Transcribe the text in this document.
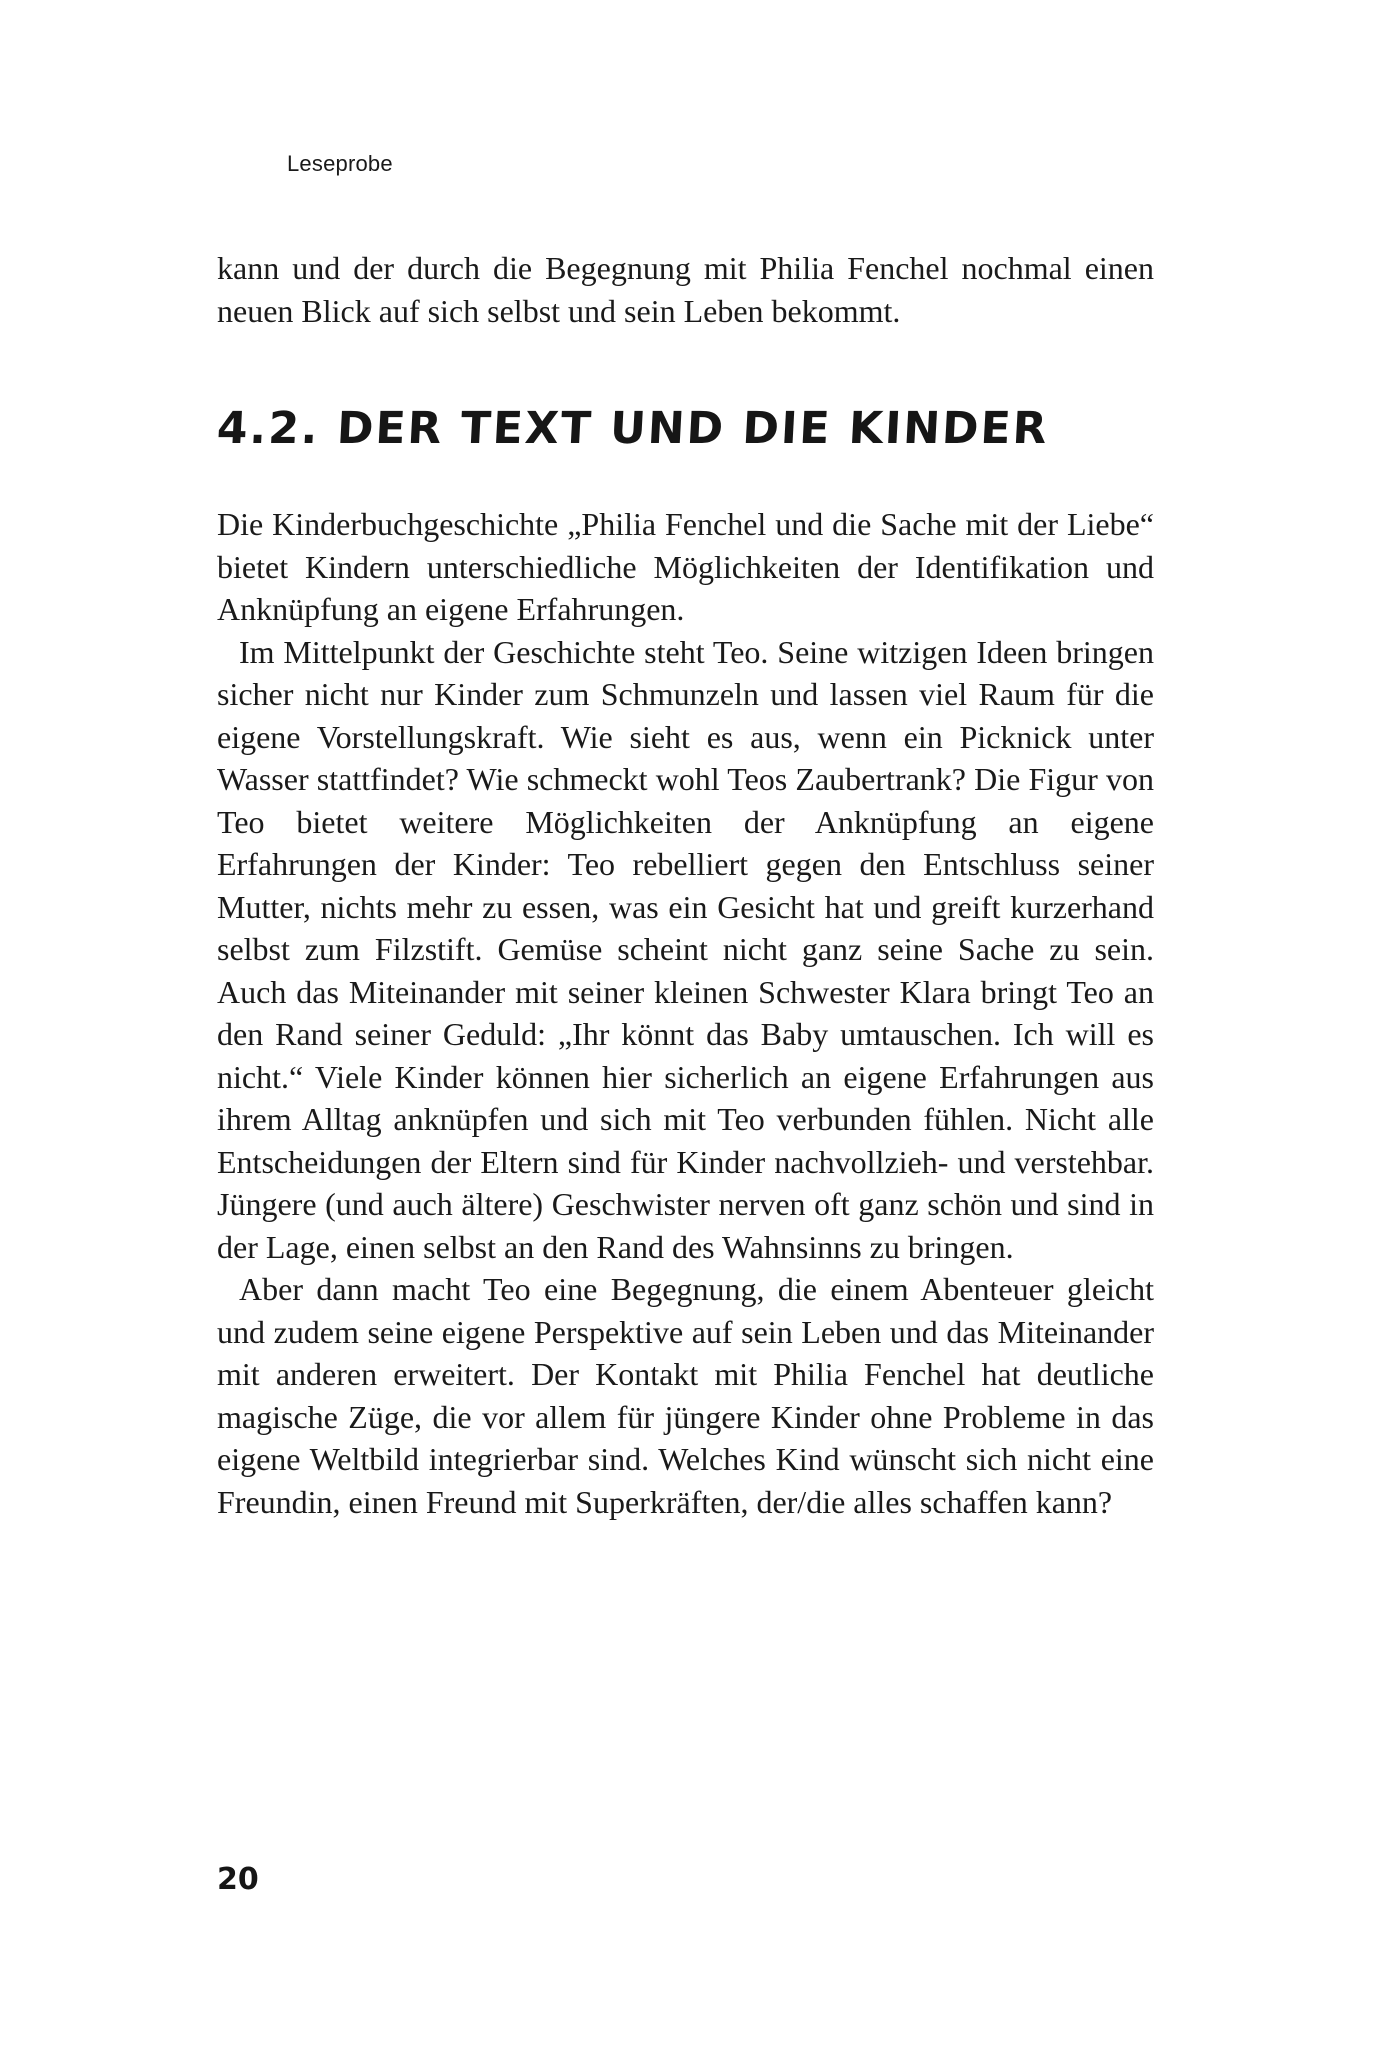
Leseprobe

kann und der durch die Begegnung mit Philia Fenchel nochmal einen neuen Blick auf sich selbst und sein Leben bekommt.

4.2. DER TEXT UND DIE KINDER

Die Kinderbuchgeschichte „Philia Fenchel und die Sache mit der Liebe“ bietet Kindern unterschiedliche Möglichkeiten der Identifikation und Anknüpfung an eigene Erfahrungen.

Im Mittelpunkt der Geschichte steht Teo. Seine witzigen Ideen bringen sicher nicht nur Kinder zum Schmunzeln und lassen viel Raum für die eigene Vorstellungskraft. Wie sieht es aus, wenn ein Picknick unter Wasser stattfindet? Wie schmeckt wohl Teos Zaubertrank? Die Figur von Teo bietet weitere Möglichkeiten der Anknüpfung an eigene Erfahrungen der Kinder: Teo rebelliert gegen den Entschluss seiner Mutter, nichts mehr zu essen, was ein Gesicht hat und greift kurzerhand selbst zum Filzstift. Gemüse scheint nicht ganz seine Sache zu sein. Auch das Miteinander mit seiner kleinen Schwester Klara bringt Teo an den Rand seiner Geduld: „Ihr könnt das Baby umtauschen. Ich will es nicht.“ Viele Kinder können hier sicherlich an eigene Erfahrungen aus ihrem Alltag anknüpfen und sich mit Teo verbunden fühlen. Nicht alle Entscheidungen der Eltern sind für Kinder nachvollzieh- und verstehbar. Jüngere (und auch ältere) Geschwister nerven oft ganz schön und sind in der Lage, einen selbst an den Rand des Wahnsinns zu bringen.

Aber dann macht Teo eine Begegnung, die einem Abenteuer gleicht und zudem seine eigene Perspektive auf sein Leben und das Miteinander mit anderen erweitert. Der Kontakt mit Philia Fenchel hat deutliche magische Züge, die vor allem für jüngere Kinder ohne Probleme in das eigene Weltbild integrierbar sind. Welches Kind wünscht sich nicht eine Freundin, einen Freund mit Superkräften, der/die alles schaffen kann?

20
